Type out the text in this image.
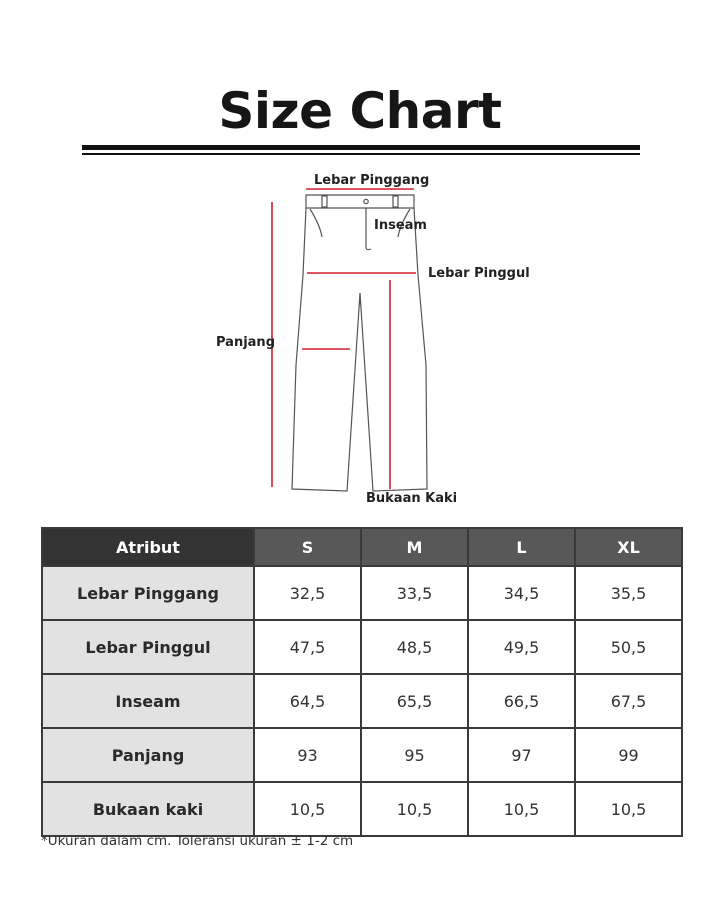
Size Chart
Lebar Pinggang
Inseam
Lebar Pinggul
Panjang
Bukaan Kaki
Atribut	S	M	L	XL
Lebar Pinggang	32,5	33,5	34,5	35,5
Lebar Pinggul	47,5	48,5	49,5	50,5
Inseam	64,5	65,5	66,5	67,5
Panjang	93	95	97	99
Bukaan kaki	10,5	10,5	10,5	10,5
*Ukuran dalam cm. Toleransi ukuran ± 1-2 cm
